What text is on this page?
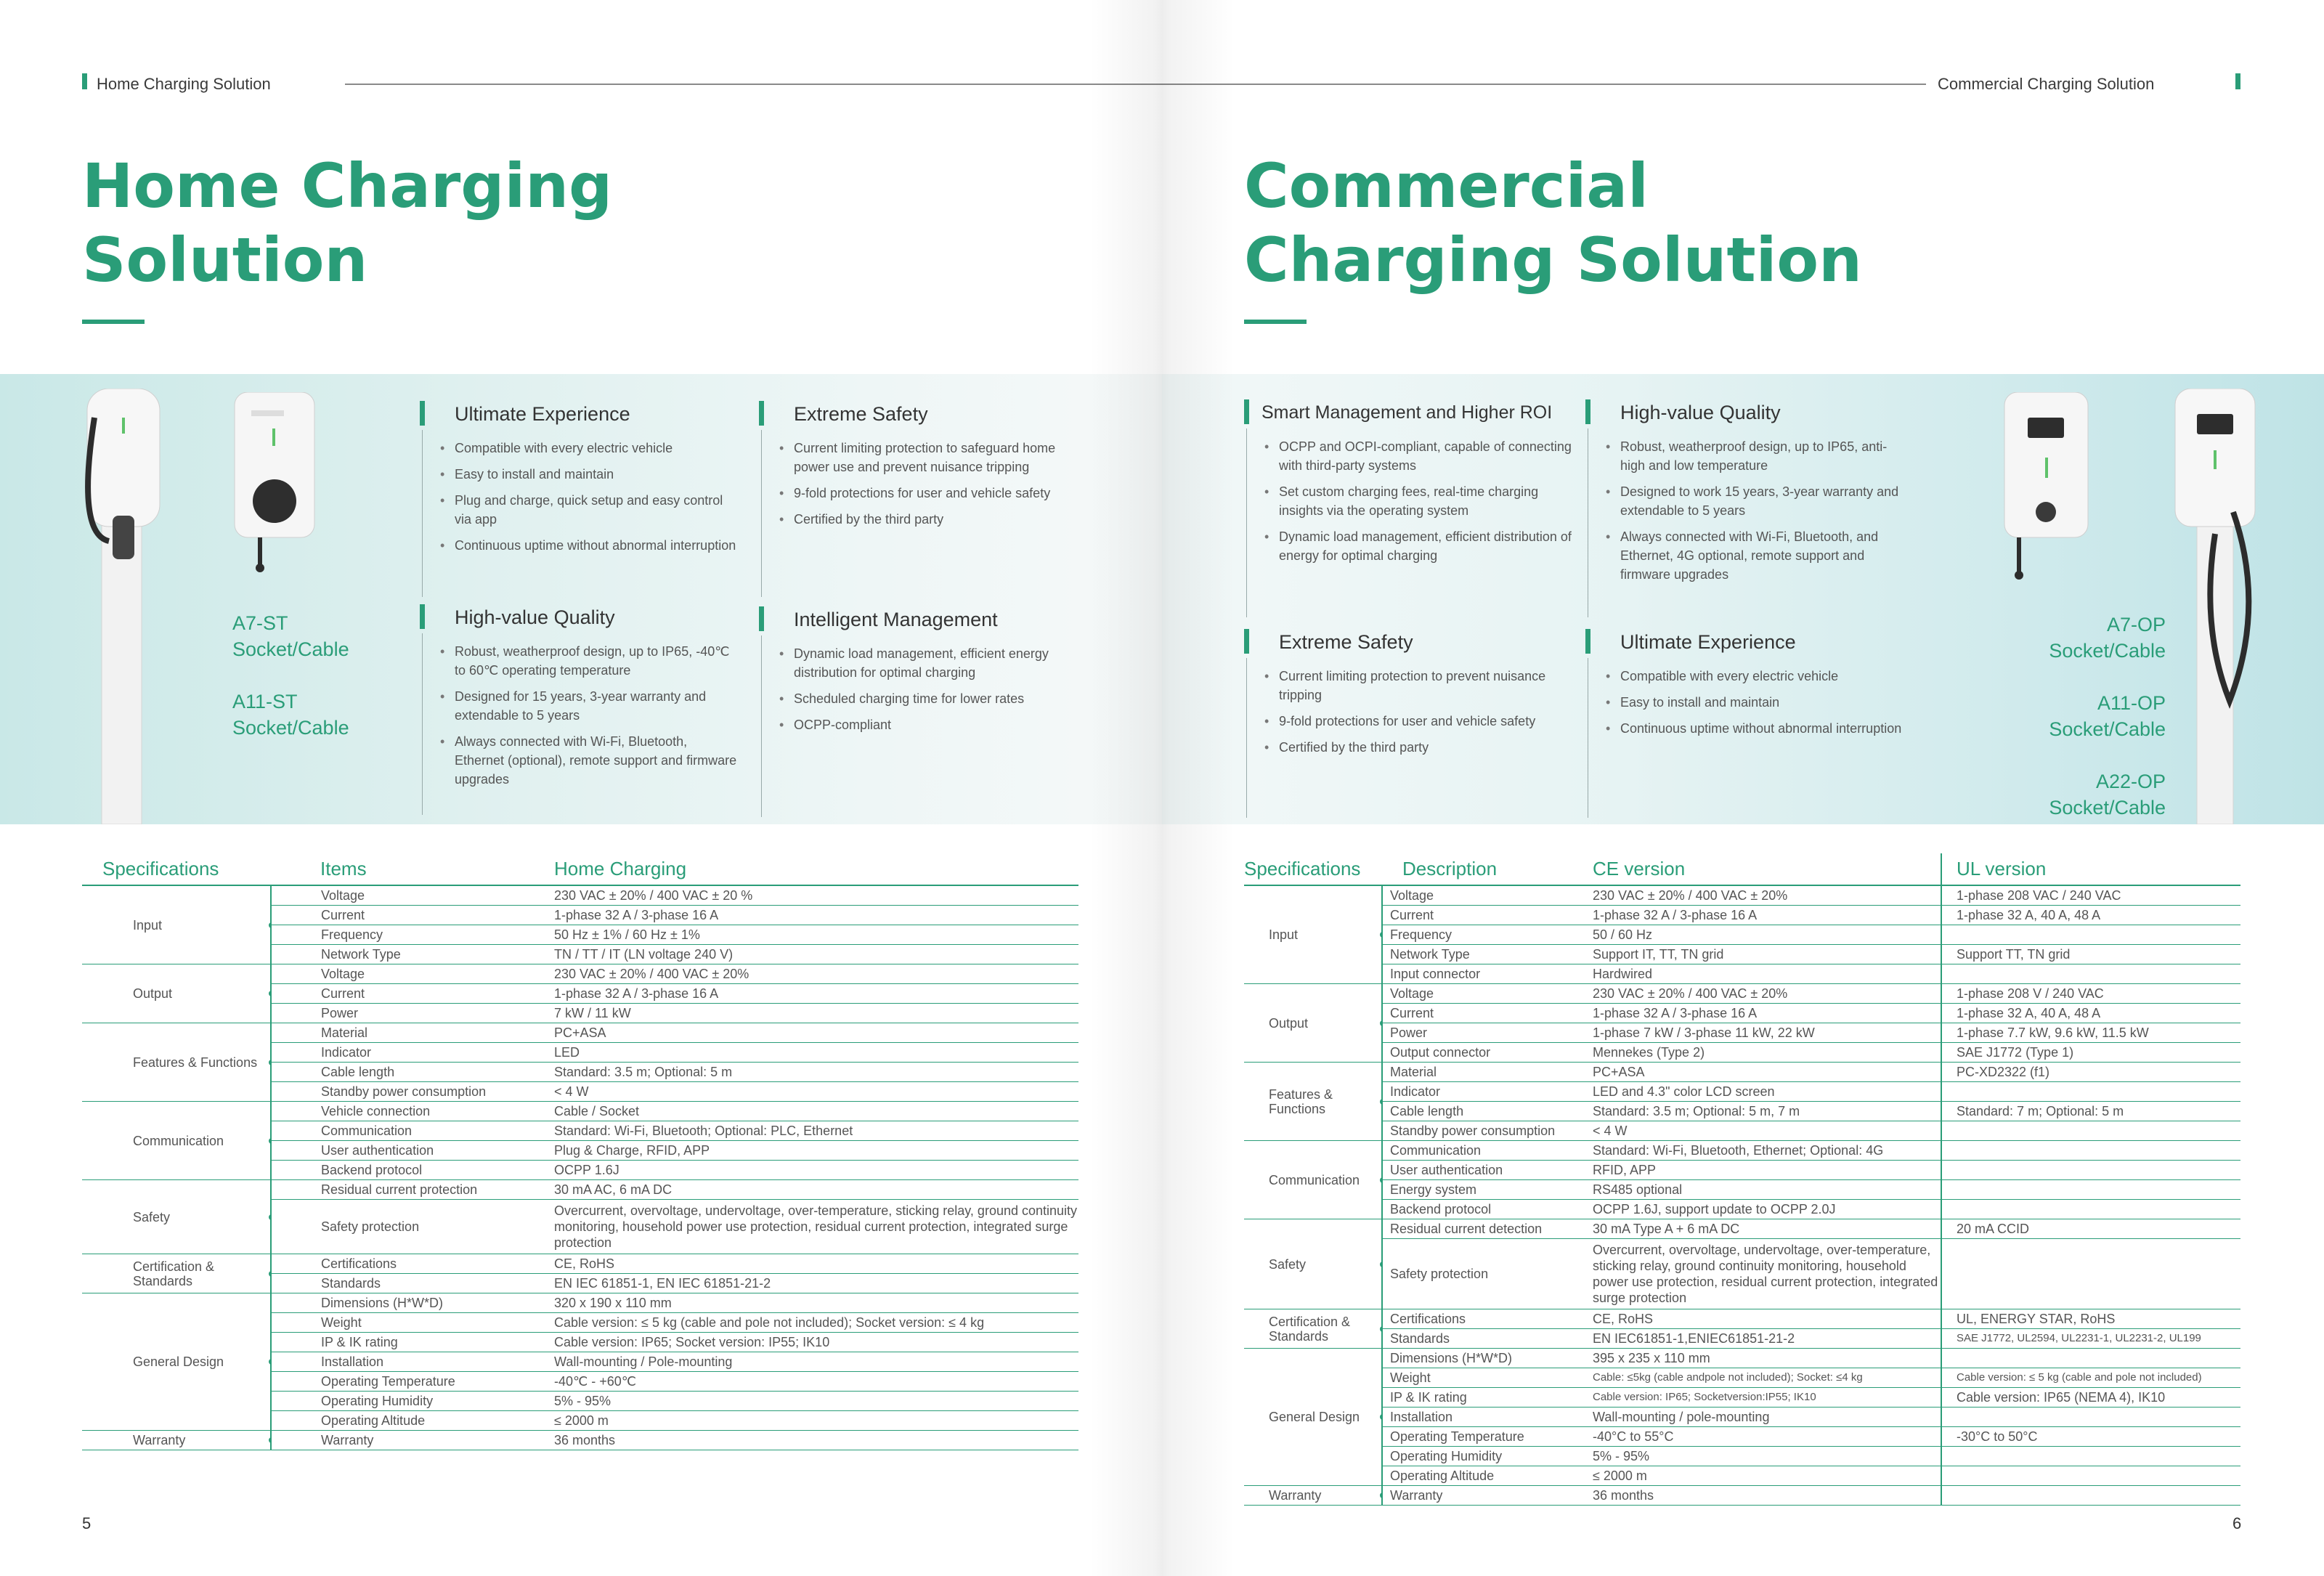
Home Charging Solution
Home Charging
Solution
A7-ST
Socket/Cable
A11-ST
Socket/Cable
Ultimate Experience
• Compatible with every electric vehicle
• Easy to install and maintain
• Plug and charge, quick setup and easy control via app
• Continuous uptime without abnormal interruption
Extreme Safety
• Current limiting protection to safeguard home power use and prevent nuisance tripping
• 9-fold protections for user and vehicle safety
• Certified by the third party
High-value Quality
• Robust, weatherproof design, up to IP65, -40℃ to 60℃ operating temperature
• Designed for 15 years, 3-year warranty and extendable to 5 years
• Always connected with Wi-Fi, Bluetooth, Ethernet (optional), remote support and firmware upgrades
Intelligent Management
• Dynamic load management, efficient energy distribution for optimal charging
• Scheduled charging time for lower rates
• OCPP-compliant
Specifications	Items	Home Charging
Input	Voltage	230 VAC ± 20% / 400 VAC ± 20 %
	Current	1-phase 32 A / 3-phase 16 A
	Frequency	50 Hz ± 1% / 60 Hz ± 1%
	Network Type	TN / TT / IT (LN voltage 240 V)
Output	Voltage	230 VAC ± 20% / 400 VAC ± 20%
	Current	1-phase 32 A / 3-phase 16 A
	Power	7 kW / 11 kW
Features & Functions	Material	PC+ASA
	Indicator	LED
	Cable length	Standard: 3.5 m; Optional: 5 m
	Standby power consumption	< 4 W
Communication	Vehicle connection	Cable / Socket
	Communication	Standard: Wi-Fi, Bluetooth; Optional: PLC, Ethernet
	User authentication	Plug & Charge, RFID, APP
	Backend protocol	OCPP 1.6J
Safety	Residual current protection	30 mA AC, 6 mA DC
	Safety protection	Overcurrent, overvoltage, undervoltage, over-temperature, sticking relay, ground continuity monitoring, household power use protection, residual current protection, integrated surge protection
Certification & Standards	Certifications	CE, RoHS
	Standards	EN IEC 61851-1, EN IEC 61851-21-2
General Design	Dimensions (H*W*D)	320 x 190 x 110 mm
	Weight	Cable version: ≤ 5 kg (cable and pole not included); Socket version: ≤ 4 kg
	IP & IK rating	Cable version: IP65; Socket version: IP55; IK10
	Installation	Wall-mounting / Pole-mounting
	Operating Temperature	-40℃ - +60℃
	Operating Humidity	5% - 95%
	Operating Altitude	≤ 2000 m
Warranty	Warranty	36 months
5
Commercial Charging Solution
Commercial
Charging Solution
Smart Management and Higher ROI
• OCPP and OCPI-compliant, capable of connecting with third-party systems
• Set custom charging fees, real-time charging insights via the operating system
• Dynamic load management, efficient distribution of energy for optimal charging
High-value Quality
• Robust, weatherproof design, up to IP65, anti-high and low temperature
• Designed to work 15 years, 3-year warranty and extendable to 5 years
• Always connected with Wi-Fi, Bluetooth, and Ethernet, 4G optional, remote support and firmware upgrades
Extreme Safety
• Current limiting protection to prevent nuisance tripping
• 9-fold protections for user and vehicle safety
• Certified by the third party
Ultimate Experience
• Compatible with every electric vehicle
• Easy to install and maintain
• Continuous uptime without abnormal interruption
A7-OP
Socket/Cable
A11-OP
Socket/Cable
A22-OP
Socket/Cable
Specifications	Description	CE version	UL version
Input	Voltage	230 VAC ± 20% / 400 VAC ± 20%	1-phase 208 VAC / 240 VAC
	Current	1-phase 32 A / 3-phase 16 A	1-phase 32 A, 40 A, 48 A
	Frequency	50 / 60 Hz	
	Network Type	Support IT, TT, TN grid	Support TT, TN grid
	Input connector	Hardwired	
Output	Voltage	230 VAC ± 20% / 400 VAC ± 20%	1-phase 208 V / 240 VAC
	Current	1-phase 32 A / 3-phase 16 A	1-phase 32 A, 40 A, 48 A
	Power	1-phase 7 kW / 3-phase 11 kW, 22 kW	1-phase 7.7 kW, 9.6 kW, 11.5 kW
	Output connector	Mennekes (Type 2)	SAE J1772 (Type 1)
Features & Functions	Material	PC+ASA	PC-XD2322 (f1)
	Indicator	LED and 4.3" color LCD screen	
	Cable length	Standard: 3.5 m; Optional: 5 m, 7 m	Standard: 7 m; Optional: 5 m
	Standby power consumption	< 4 W	
Communication	Communication	Standard: Wi-Fi, Bluetooth, Ethernet; Optional: 4G	
	User authentication	RFID, APP	
	Energy system	RS485 optional	
	Backend protocol	OCPP 1.6J, support update to OCPP 2.0J	
Safety	Residual current detection	30 mA Type A + 6 mA DC	20 mA CCID
	Safety protection	Overcurrent, overvoltage, undervoltage, over-temperature, sticking relay, ground continuity monitoring, household power use protection, residual current protection, integrated surge protection	
Certification & Standards	Certifications	CE, RoHS	UL, ENERGY STAR, RoHS
	Standards	EN IEC61851-1,ENIEC61851-21-2	SAE J1772, UL2594, UL2231-1, UL2231-2, UL199
General Design	Dimensions (H*W*D)	395 x 235 x 110 mm	
	Weight	Cable: ≤5kg (cable andpole not included); Socket: ≤4 kg	Cable version: ≤ 5 kg (cable and pole not included)
	IP & IK rating	Cable version: IP65; Socketversion:IP55; IK10	Cable version: IP65 (NEMA 4), IK10
	Installation	Wall-mounting / pole-mounting	
	Operating Temperature	-40°C to 55°C	-30°C to 50°C
	Operating Humidity	5% - 95%	
	Operating Altitude	≤ 2000 m	
Warranty	Warranty	36 months	
6
